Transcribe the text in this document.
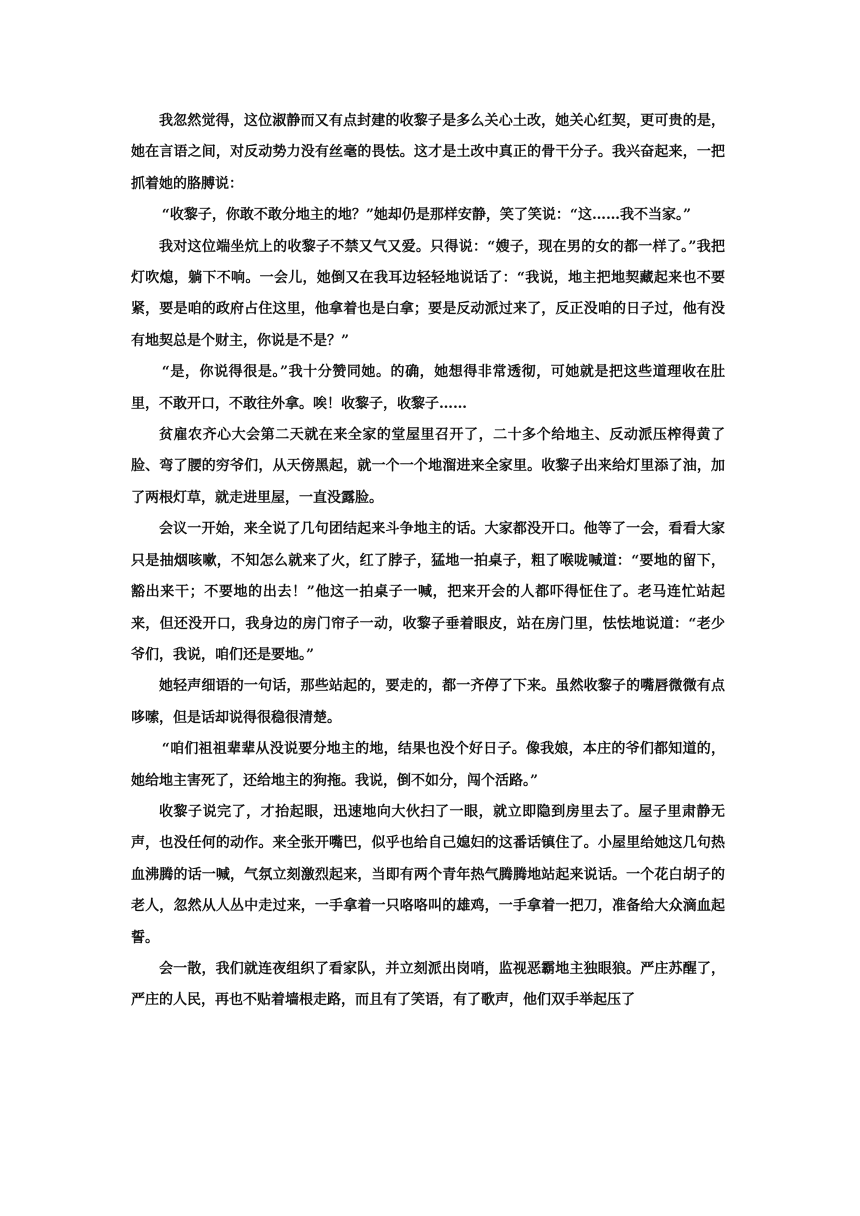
我忽然觉得，这位淑静而又有点封建的收黎子是多么关心土改，她关心红契，更可贵的是，她在言语之间，对反动势力没有丝毫的畏怯。这才是土改中真正的骨干分子。我兴奋起来，一把抓着她的胳膊说：

“收黎子，你敢不敢分地主的地？”她却仍是那样安静，笑了笑说：“这……我不当家。”

我对这位端坐炕上的收黎子不禁又气又爱。只得说：“嫂子，现在男的女的都一样了。”我把灯吹熄，躺下不响。一会儿，她倒又在我耳边轻轻地说话了：“我说，地主把地契藏起来也不要紧，要是咱的政府占住这里，他拿着也是白拿；要是反动派过来了，反正没咱的日子过，他有没有地契总是个财主，你说是不是？”

“是，你说得很是。”我十分赞同她。的确，她想得非常透彻，可她就是把这些道理收在肚里，不敢开口，不敢往外拿。唉！收黎子，收黎子……

贫雇农齐心大会第二天就在来全家的堂屋里召开了，二十多个给地主、反动派压榨得黄了脸、弯了腰的穷爷们，从天傍黑起，就一个一个地溜进来全家里。收黎子出来给灯里添了油，加了两根灯草，就走进里屋，一直没露脸。

会议一开始，来全说了几句团结起来斗争地主的话。大家都没开口。他等了一会，看看大家只是抽烟咳嗽，不知怎么就来了火，红了脖子，猛地一拍桌子，粗了喉咙喊道：“要地的留下，豁出来干；不要地的出去！”他这一拍桌子一喊，把来开会的人都吓得怔住了。老马连忙站起来，但还没开口，我身边的房门帘子一动，收黎子垂着眼皮，站在房门里，怯怯地说道：“老少爷们，我说，咱们还是要地。”

她轻声细语的一句话，那些站起的，要走的，都一齐停了下来。虽然收黎子的嘴唇微微有点哆嗦，但是话却说得很稳很清楚。

“咱们祖祖辈辈从没说要分地主的地，结果也没个好日子。像我娘，本庄的爷们都知道的，她给地主害死了，还给地主的狗拖。我说，倒不如分，闯个活路。”

收黎子说完了，才抬起眼，迅速地向大伙扫了一眼，就立即隐到房里去了。屋子里肃静无声，也没任何的动作。来全张开嘴巴，似乎也给自己媳妇的这番话镇住了。小屋里给她这几句热血沸腾的话一喊，气氛立刻激烈起来，当即有两个青年热气腾腾地站起来说话。一个花白胡子的老人，忽然从人丛中走过来，一手拿着一只咯咯叫的雄鸡，一手拿着一把刀，准备给大众滴血起誓。

会一散，我们就连夜组织了看家队，并立刻派出岗哨，监视恶霸地主独眼狼。严庄苏醒了，严庄的人民，再也不贴着墙根走路，而且有了笑语，有了歌声，他们双手举起压了
